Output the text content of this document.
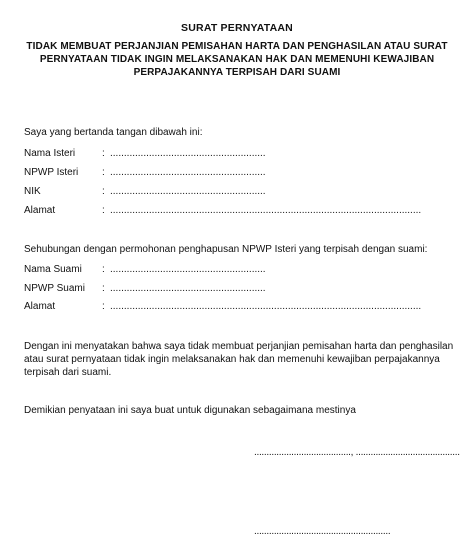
SURAT PERNYATAAN
TIDAK MEMBUAT PERJANJIAN PEMISAHAN HARTA DAN PENGHASILAN ATAU SURAT
PERNYATAAN TIDAK INGIN MELAKSANAKAN HAK DAN MEMENUHI KEWAJIBAN
PERPAJAKANNYA TERPISAH DARI SUAMI
Saya yang bertanda tangan dibawah ini:
Nama Isteri	: ........................................................
NPWP Isteri : ........................................................
NIK	: ........................................................
Alamat	: ................................................................................................................
Sehubungan dengan permohonan penghapusan NPWP Isteri yang terpisah dengan suami:
Nama Suami : ........................................................
NPWP Suami : ........................................................
Alamat	: ................................................................................................................
Dengan ini menyatakan bahwa saya tidak membuat perjanjian pemisahan harta dan penghasilan
atau surat pernyataan tidak ingin melaksanakan hak dan memenuhi kewajiban perpajakannya
terpisah dari suami.
Demikian penyataan ini saya buat untuk digunakan sebagaimana mestinya
......................................., ..........................................
.......................................................
